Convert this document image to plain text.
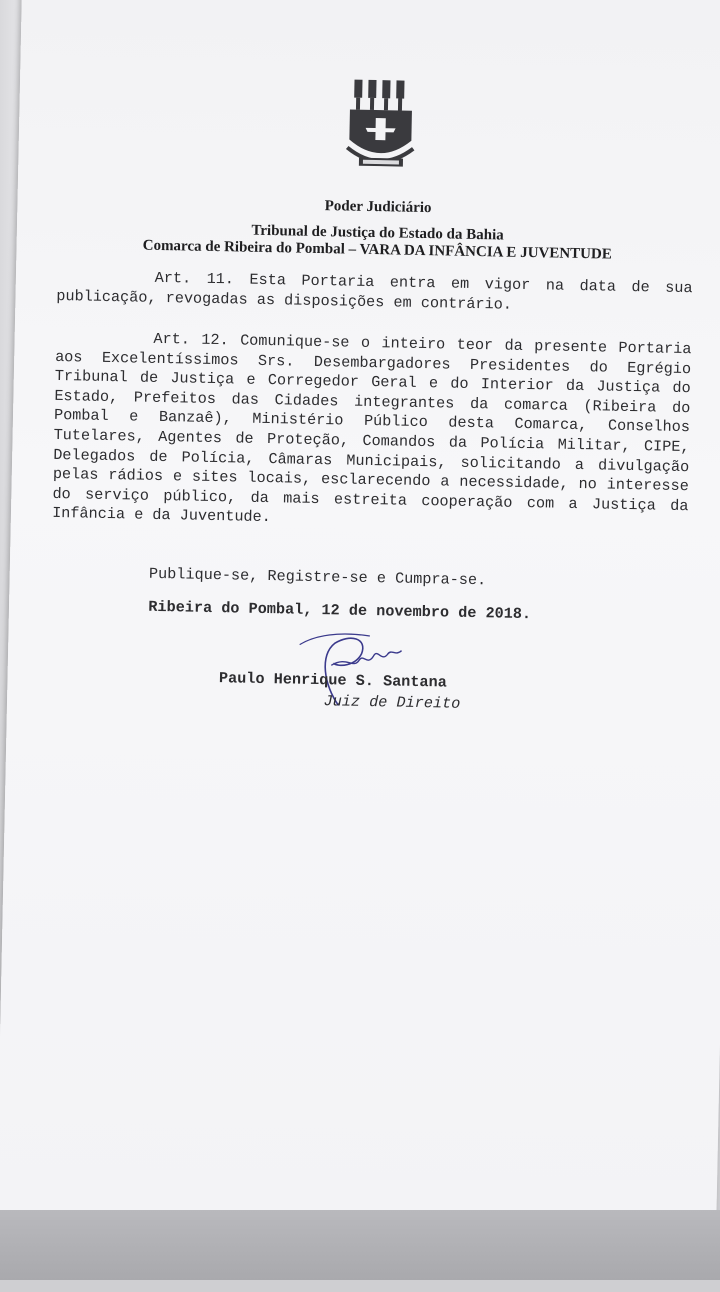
Poder Judiciário
Tribunal de Justiça do Estado da Bahia
Comarca de Ribeira do Pombal – VARA DA INFÂNCIA E JUVENTUDE
Art. 11. Esta Portaria entra em vigor na data de sua publicação, revogadas as disposições em contrário.
Art. 12. Comunique-se o inteiro teor da presente Portaria aos Excelentíssimos Srs. Desembargadores Presidentes do Egrégio Tribunal de Justiça e Corregedor Geral e do Interior da Justiça do Estado, Prefeitos das Cidades integrantes da comarca (Ribeira do Pombal e Banzaê), Ministério Público desta Comarca, Conselhos Tutelares, Agentes de Proteção, Comandos da Polícia Militar, CIPE, Delegados de Polícia, Câmaras Municipais, solicitando a divulgação pelas rádios e sites locais, esclarecendo a necessidade, no interesse do serviço público, da mais estreita cooperação com a Justiça da Infância e da Juventude.
Publique-se, Registre-se e Cumpra-se.
Ribeira do Pombal, 12 de novembro de 2018.
Paulo Henrique S. Santana
Juiz de Direito
